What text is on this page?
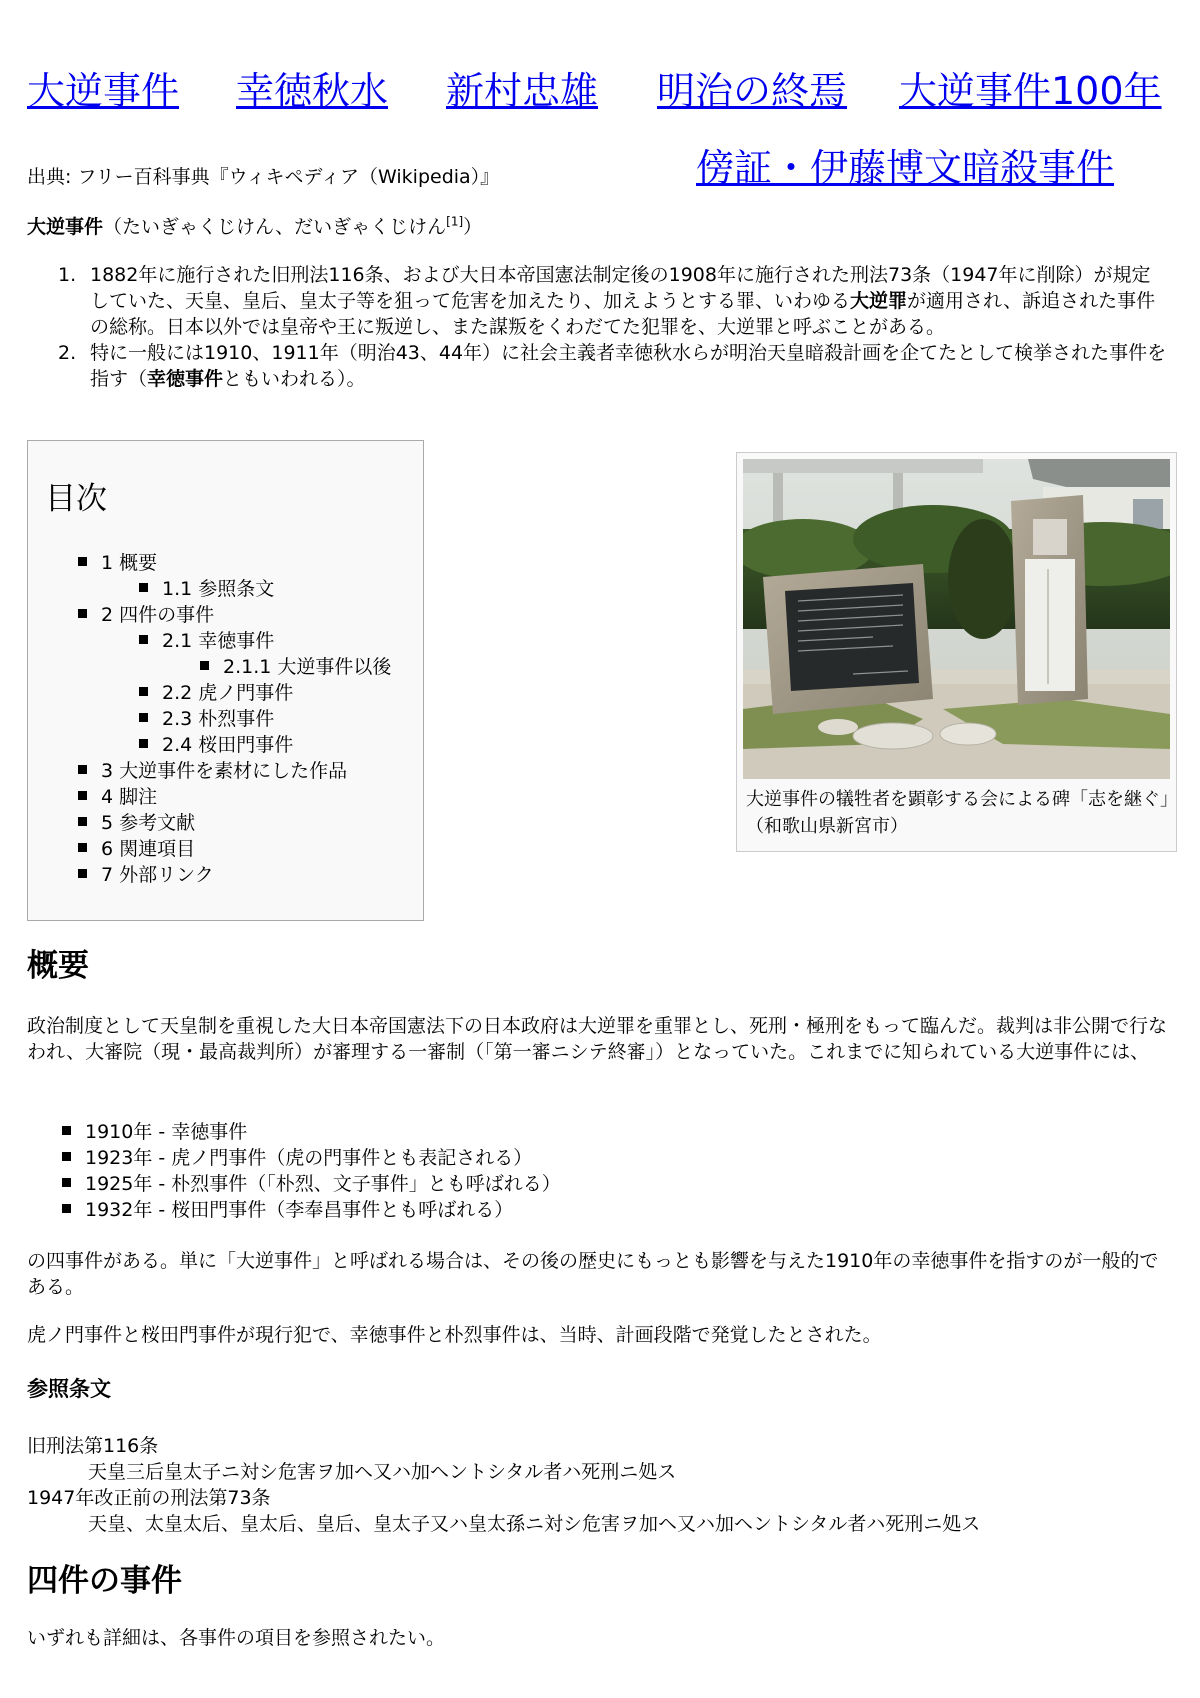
大逆事件 幸徳秋水 新村忠雄 明治の終焉 大逆事件100年
傍証・伊藤博文暗殺事件
出典: フリー百科事典『ウィキペディア（Wikipedia）』
大逆事件（たいぎゃくじけん、だいぎゃくじけん[1]）
1. 1882年に施行された旧刑法116条、および大日本帝国憲法制定後の1908年に施行された刑法73条（1947年に削除）が規定していた、天皇、皇后、皇太子等を狙って危害を加えたり、加えようとする罪、いわゆる大逆罪が適用され、訴追された事件の総称。日本以外では皇帝や王に叛逆し、また謀叛をくわだてた犯罪を、大逆罪と呼ぶことがある。
2. 特に一般には1910、1911年（明治43、44年）に社会主義者幸徳秋水らが明治天皇暗殺計画を企てたとして検挙された事件を指す（幸徳事件ともいわれる）。
目次
1 概要
1.1 参照条文
2 四件の事件
2.1 幸徳事件
2.1.1 大逆事件以後
2.2 虎ノ門事件
2.3 朴烈事件
2.4 桜田門事件
3 大逆事件を素材にした作品
4 脚注
5 参考文献
6 関連項目
7 外部リンク
大逆事件の犠牲者を顕彰する会による碑「志を継ぐ」（和歌山県新宮市）
概要
政治制度として天皇制を重視した大日本帝国憲法下の日本政府は大逆罪を重罪とし、死刑・極刑をもって臨んだ。裁判は非公開で行なわれ、大審院（現・最高裁判所）が審理する一審制（「第一審ニシテ終審」）となっていた。これまでに知られている大逆事件には、
1910年 - 幸徳事件
1923年 - 虎ノ門事件（虎の門事件とも表記される）
1925年 - 朴烈事件（「朴烈、文子事件」とも呼ばれる）
1932年 - 桜田門事件（李奉昌事件とも呼ばれる）
の四事件がある。単に「大逆事件」と呼ばれる場合は、その後の歴史にもっとも影響を与えた1910年の幸徳事件を指すのが一般的である。
虎ノ門事件と桜田門事件が現行犯で、幸徳事件と朴烈事件は、当時、計画段階で発覚したとされた。
参照条文
旧刑法第116条
天皇三后皇太子ニ対シ危害ヲ加ヘ又ハ加ヘントシタル者ハ死刑ニ処ス
1947年改正前の刑法第73条
天皇、太皇太后、皇太后、皇后、皇太子又ハ皇太孫ニ対シ危害ヲ加ヘ又ハ加ヘントシタル者ハ死刑ニ処ス
四件の事件
いずれも詳細は、各事件の項目を参照されたい。
